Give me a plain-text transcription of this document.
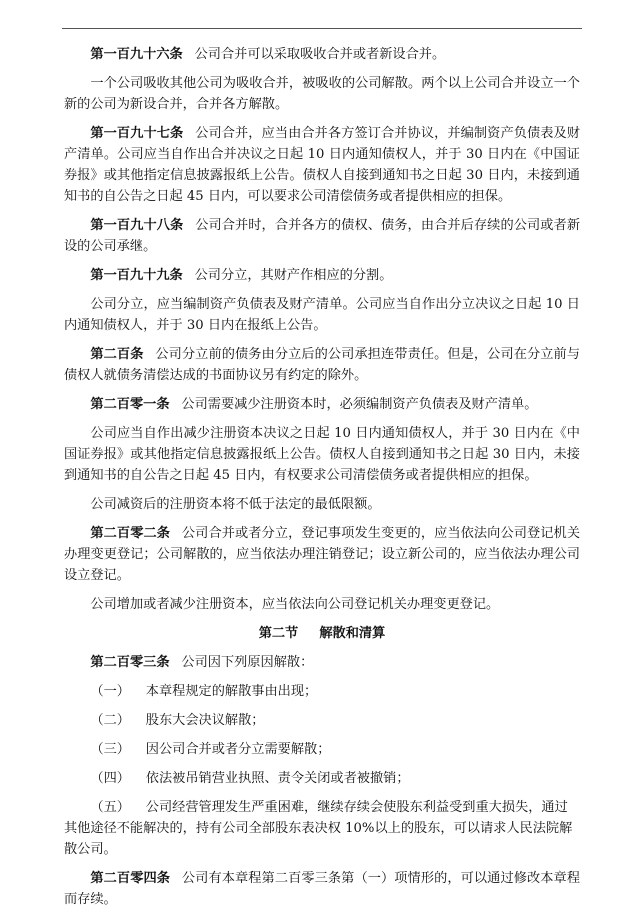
第一百九十六条 公司合并可以采取吸收合并或者新设合并。

一个公司吸收其他公司为吸收合并，被吸收的公司解散。两个以上公司合并设立一个新的公司为新设合并，合并各方解散。

第一百九十七条 公司合并，应当由合并各方签订合并协议，并编制资产负债表及财产清单。公司应当自作出合并决议之日起 10 日内通知债权人，并于 30 日内在《中国证券报》或其他指定信息披露报纸上公告。债权人自接到通知书之日起 30 日内，未接到通知书的自公告之日起 45 日内，可以要求公司清偿债务或者提供相应的担保。

第一百九十八条 公司合并时，合并各方的债权、债务，由合并后存续的公司或者新设的公司承继。

第一百九十九条 公司分立，其财产作相应的分割。

公司分立，应当编制资产负债表及财产清单。公司应当自作出分立决议之日起 10 日内通知债权人，并于 30 日内在报纸上公告。

第二百条 公司分立前的债务由分立后的公司承担连带责任。但是，公司在分立前与债权人就债务清偿达成的书面协议另有约定的除外。

第二百零一条 公司需要减少注册资本时，必须编制资产负债表及财产清单。

公司应当自作出减少注册资本决议之日起 10 日内通知债权人，并于 30 日内在《中国证券报》或其他指定信息披露报纸上公告。债权人自接到通知书之日起 30 日内，未接到通知书的自公告之日起 45 日内，有权要求公司清偿债务或者提供相应的担保。

公司减资后的注册资本将不低于法定的最低限额。

第二百零二条 公司合并或者分立，登记事项发生变更的，应当依法向公司登记机关办理变更登记；公司解散的，应当依法办理注销登记；设立新公司的，应当依法办理公司设立登记。

公司增加或者减少注册资本，应当依法向公司登记机关办理变更登记。

第二节 解散和清算

第二百零三条 公司因下列原因解散：

（一） 本章程规定的解散事由出现；

（二） 股东大会决议解散；

（三） 因公司合并或者分立需要解散；

（四） 依法被吊销营业执照、责令关闭或者被撤销；

（五） 公司经营管理发生严重困难，继续存续会使股东利益受到重大损失，通过其他途径不能解决的，持有公司全部股东表决权 10%以上的股东，可以请求人民法院解散公司。

第二百零四条 公司有本章程第二百零三条第（一）项情形的，可以通过修改本章程而存续。
